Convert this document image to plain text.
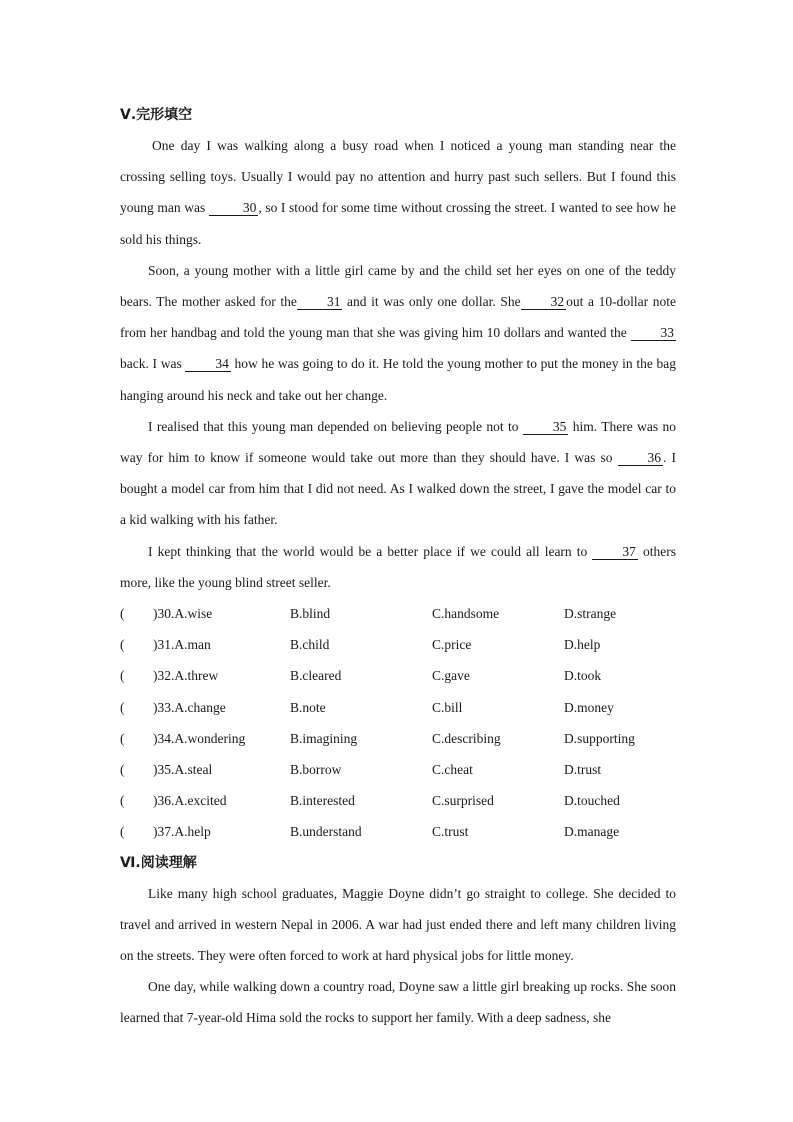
Ⅴ.完形填空

One day I was walking along a busy road when I noticed a young man standing near the crossing selling toys. Usually I would pay no attention and hurry past such sellers. But I found this young man was	30 , so I stood for some time without crossing the street. I wanted to see how he sold his things.

Soon, a young mother with a little girl came by and the child set her eyes on one of the teddy bears. The mother asked for the 31 and it was only one dollar. She 32 out a 10-dollar note from her handbag and told the young man that she was giving him 10 dollars and wanted the 33 back. I was 34 how he was going to do it. He told the young mother to put the money in the bag hanging around his neck and take out her change.

I realised that this young man depended on believing people not to 35 him. There was no way for him to know if someone would take out more than they should have. I was so 36 . I bought a model car from him that I did not need. As I walked down the street, I gave the model car to a kid walking with his father.

I kept thinking that the world would be a better place if we could all learn to 37 others more, like the young blind street seller.

( )30.A.wise	B.blind	C.handsome	D.strange
( )31.A.man	B.child	C.price	D.help
( )32.A.threw	B.cleared	C.gave	D.took
( )33.A.change	B.note	C.bill	D.money
( )34.A.wondering	B.imagining	C.describing	D.supporting
( )35.A.steal	B.borrow	C.cheat	D.trust
( )36.A.excited	B.interested	C.surprised	D.touched
( )37.A.help	B.understand	C.trust	D.manage
Ⅵ.阅读理解

Like many high school graduates, Maggie Doyne didn’t go straight to college. She decided to travel and arrived in western Nepal in 2006. A war had just ended there and left many children living on the streets. They were often forced to work at hard physical jobs for little money.

One day, while walking down a country road, Doyne saw a little girl breaking up rocks. She soon learned that 7-year-old Hima sold the rocks to support her family. With a deep sadness, she
